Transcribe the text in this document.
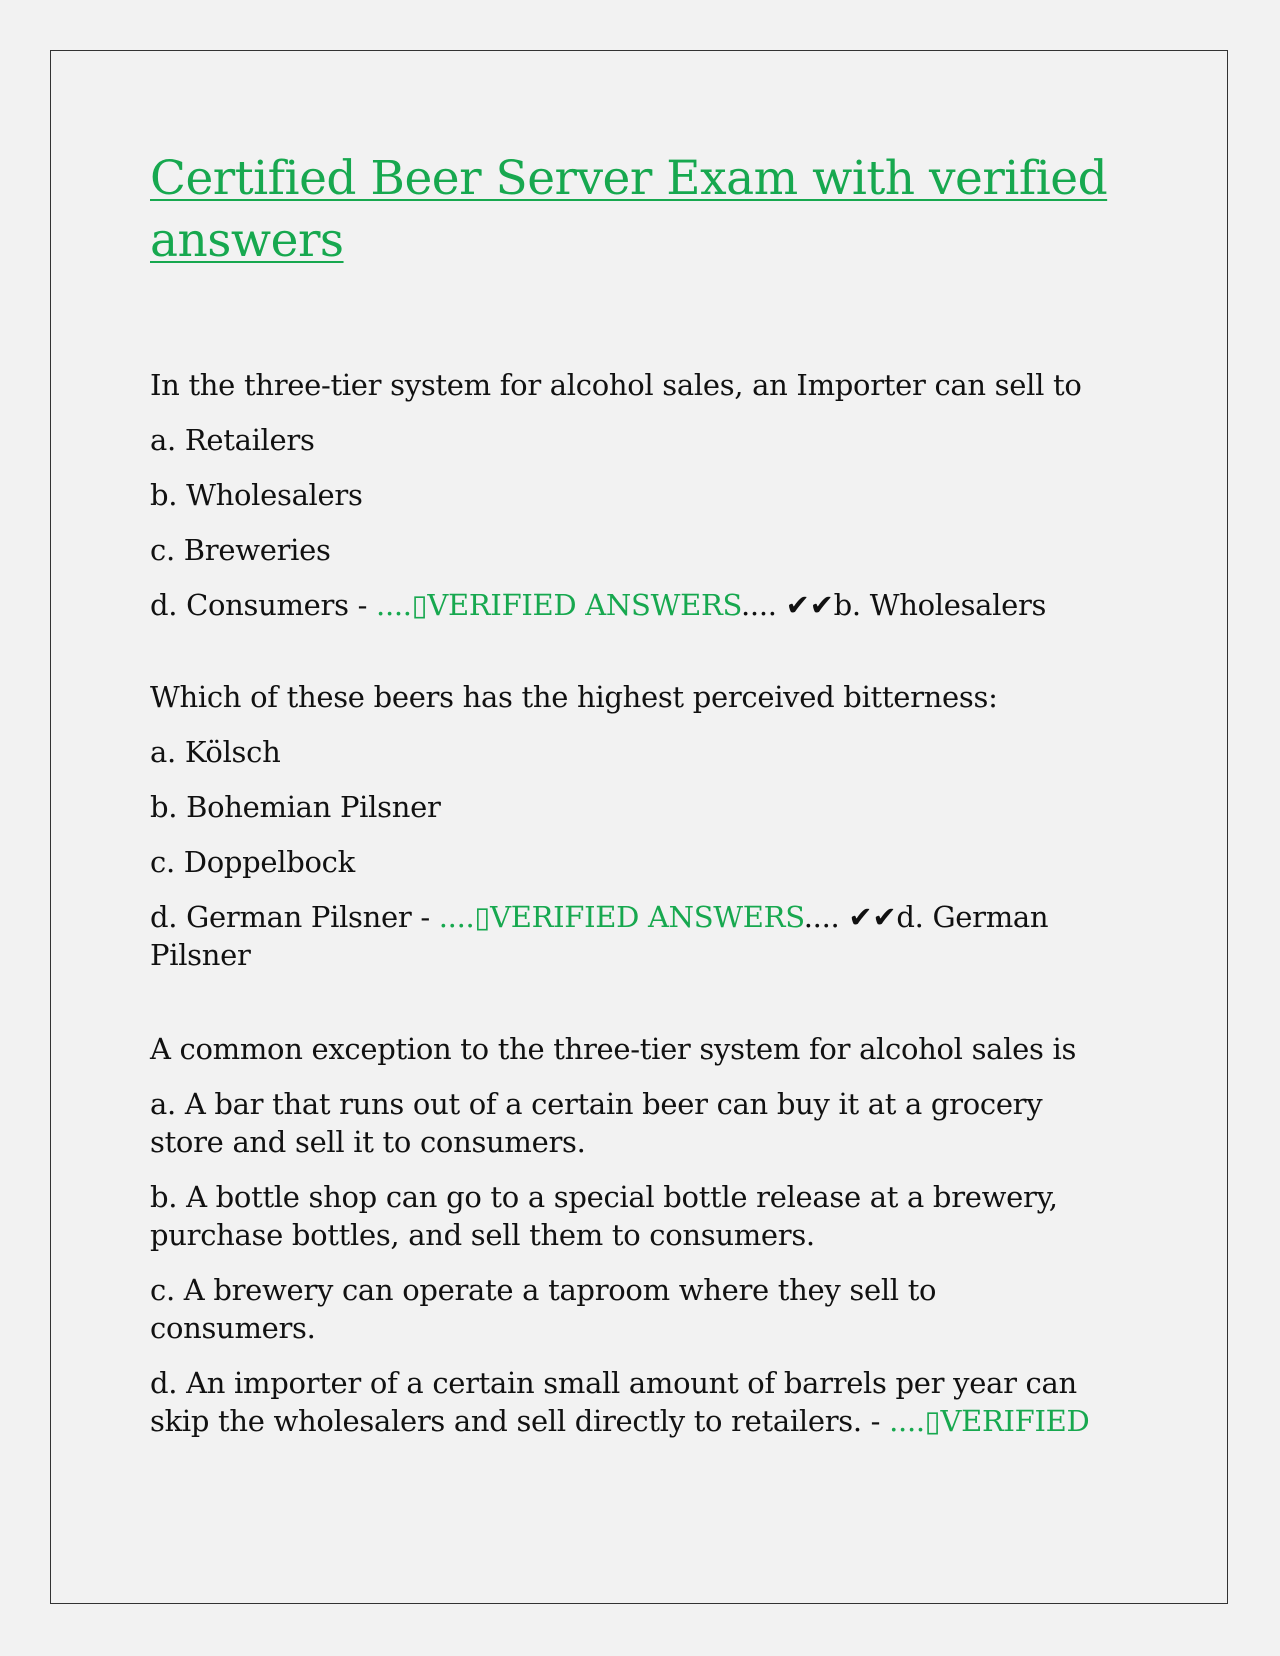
Certified Beer Server Exam with verified answers

In the three-tier system for alcohol sales, an Importer can sell to

a. Retailers

b. Wholesalers

c. Breweries

d. Consumers - ....▯VERIFIED ANSWERS.... ✔✔b. Wholesalers

Which of these beers has the highest perceived bitterness:

a. Kölsch

b. Bohemian Pilsner

c. Doppelbock

d. German Pilsner - ....▯VERIFIED ANSWERS.... ✔✔d. German Pilsner

A common exception to the three-tier system for alcohol sales is

a. A bar that runs out of a certain beer can buy it at a grocery store and sell it to consumers.

b. A bottle shop can go to a special bottle release at a brewery, purchase bottles, and sell them to consumers.

c. A brewery can operate a taproom where they sell to consumers.

d. An importer of a certain small amount of barrels per year can skip the wholesalers and sell directly to retailers. - ....▯VERIFIED
